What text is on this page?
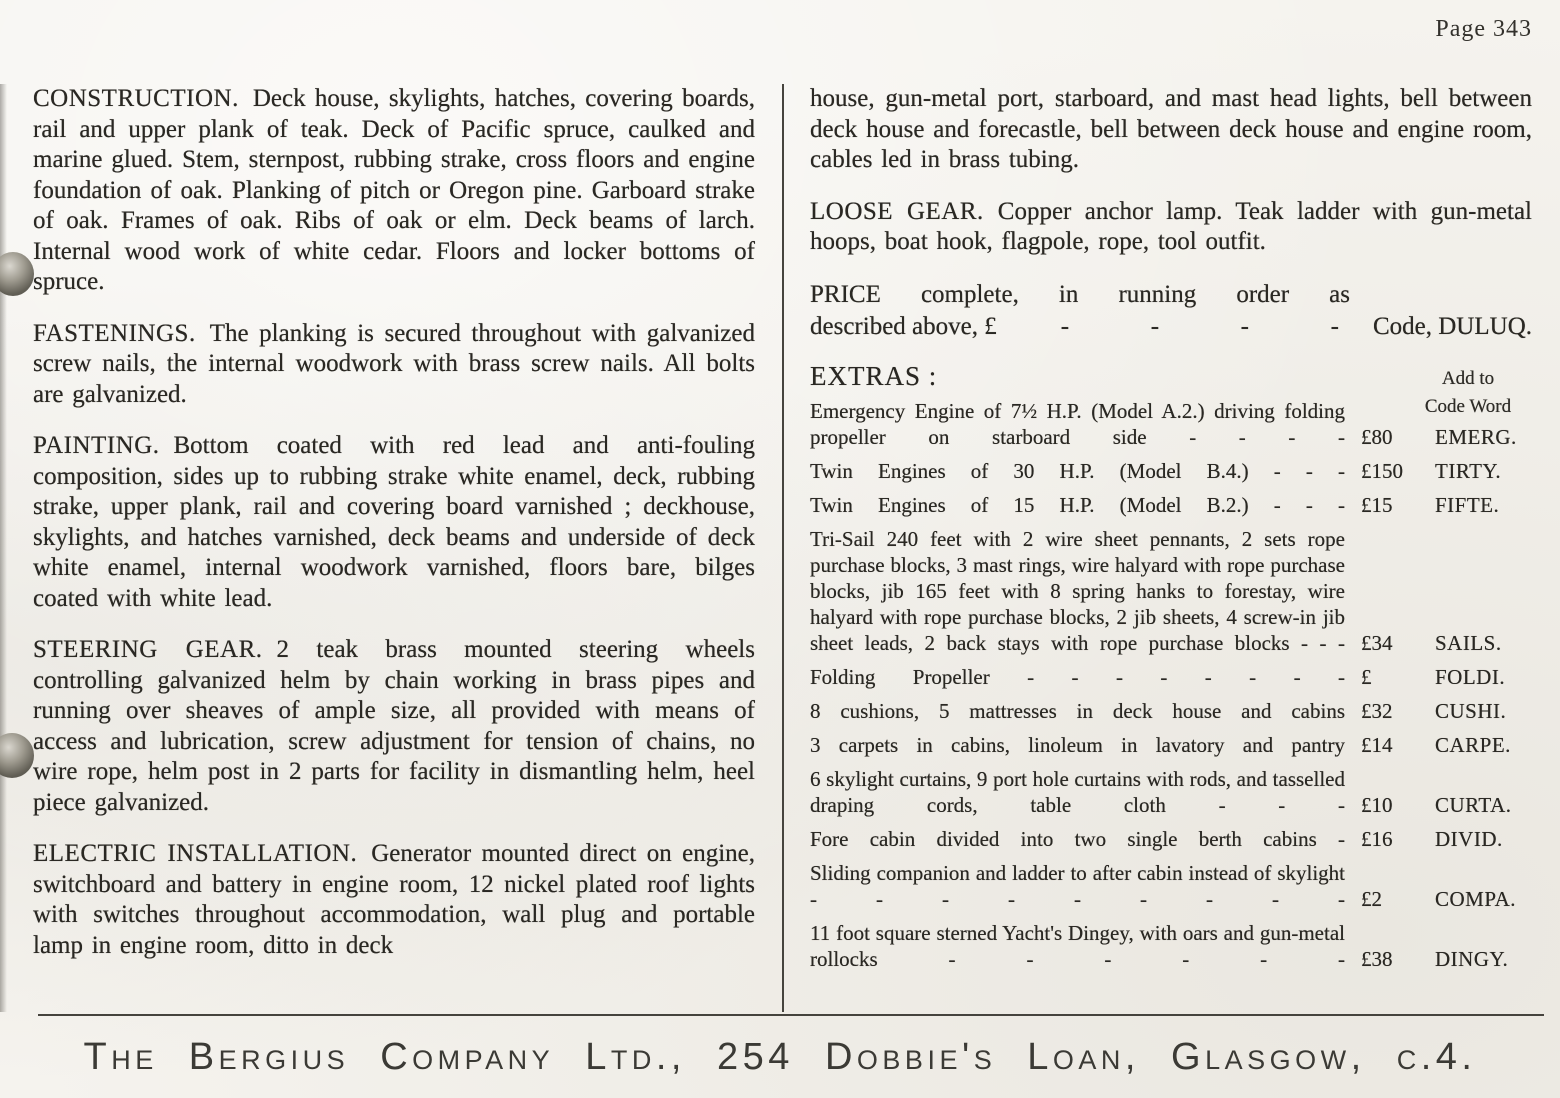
Page 343

CONSTRUCTION. Deck house, skylights, hatches, covering boards, rail and upper plank of teak. Deck of Pacific spruce, caulked and marine glued. Stem, sternpost, rubbing strake, cross floors and engine foundation of oak. Planking of pitch or Oregon pine. Garboard strake of oak. Frames of oak. Ribs of oak or elm. Deck beams of larch. Internal wood work of white cedar. Floors and locker bottoms of spruce.

FASTENINGS. The planking is secured throughout with galvanized screw nails, the internal woodwork with brass screw nails. All bolts are galvanized.

PAINTING. Bottom coated with red lead and anti-fouling composition, sides up to rubbing strake white enamel, deck, rubbing strake, upper plank, rail and covering board varnished ; deckhouse, skylights, and hatches varnished, deck beams and underside of deck white enamel, internal woodwork varnished, floors bare, bilges coated with white lead.

STEERING GEAR. 2 teak brass mounted steering wheels controlling galvanized helm by chain working in brass pipes and running over sheaves of ample size, all provided with means of access and lubrication, screw adjustment for tension of chains, no wire rope, helm post in 2 parts for facility in dismantling helm, heel piece galvanized.

ELECTRIC INSTALLATION. Generator mounted direct on engine, switchboard and battery in engine room, 12 nickel plated roof lights with switches throughout accommodation, wall plug and portable lamp in engine room, ditto in deck

house, gun-metal port, starboard, and mast head lights, bell between deck house and forecastle, bell between deck house and engine room, cables led in brass tubing.

LOOSE GEAR. Copper anchor lamp. Teak ladder with gun-metal hoops, boat hook, flagpole, rope, tool outfit.

PRICE complete, in running order as
described above, £	- - - - Code, DULUQ.
EXTRAS :	Add to
Code Word
Emergency Engine of 7½ H.P. (Model A.2.) driving folding propeller on starboard side - - - - £80	EMERG.
Twin Engines of 30 H.P. (Model B.4.) - - - £150	TIRTY.
Twin Engines of 15 H.P. (Model B.2.) - - - £15	FIFTE.
Tri-Sail 240 feet with 2 wire sheet pennants, 2 sets rope purchase blocks, 3 mast rings, wire halyard with rope purchase blocks, jib 165 feet with 8 spring hanks to forestay, wire halyard with rope purchase blocks, 2 jib sheets, 4 screw-in jib sheet leads, 2 back stays with rope purchase blocks - - - £34	SAILS.
Folding Propeller - - - - - - - - £	FOLDI.
8 cushions, 5 mattresses in deck house and cabins £32	CUSHI.
3 carpets in cabins, linoleum in lavatory and pantry £14	CARPE.
6 skylight curtains, 9 port hole curtains with rods, and tasselled draping cords, table cloth - - - £10	CURTA.
Fore cabin divided into two single berth cabins - £16	DIVID.
Sliding companion and ladder to after cabin instead of skylight - - - - - - - - - £2	COMPA.
11 foot square sterned Yacht's Dingey, with oars and gun-metal rollocks - - - - - - £38	DINGY.
The Bergius Company Ltd., 254 Dobbie's Loan, Glasgow, c.4.
